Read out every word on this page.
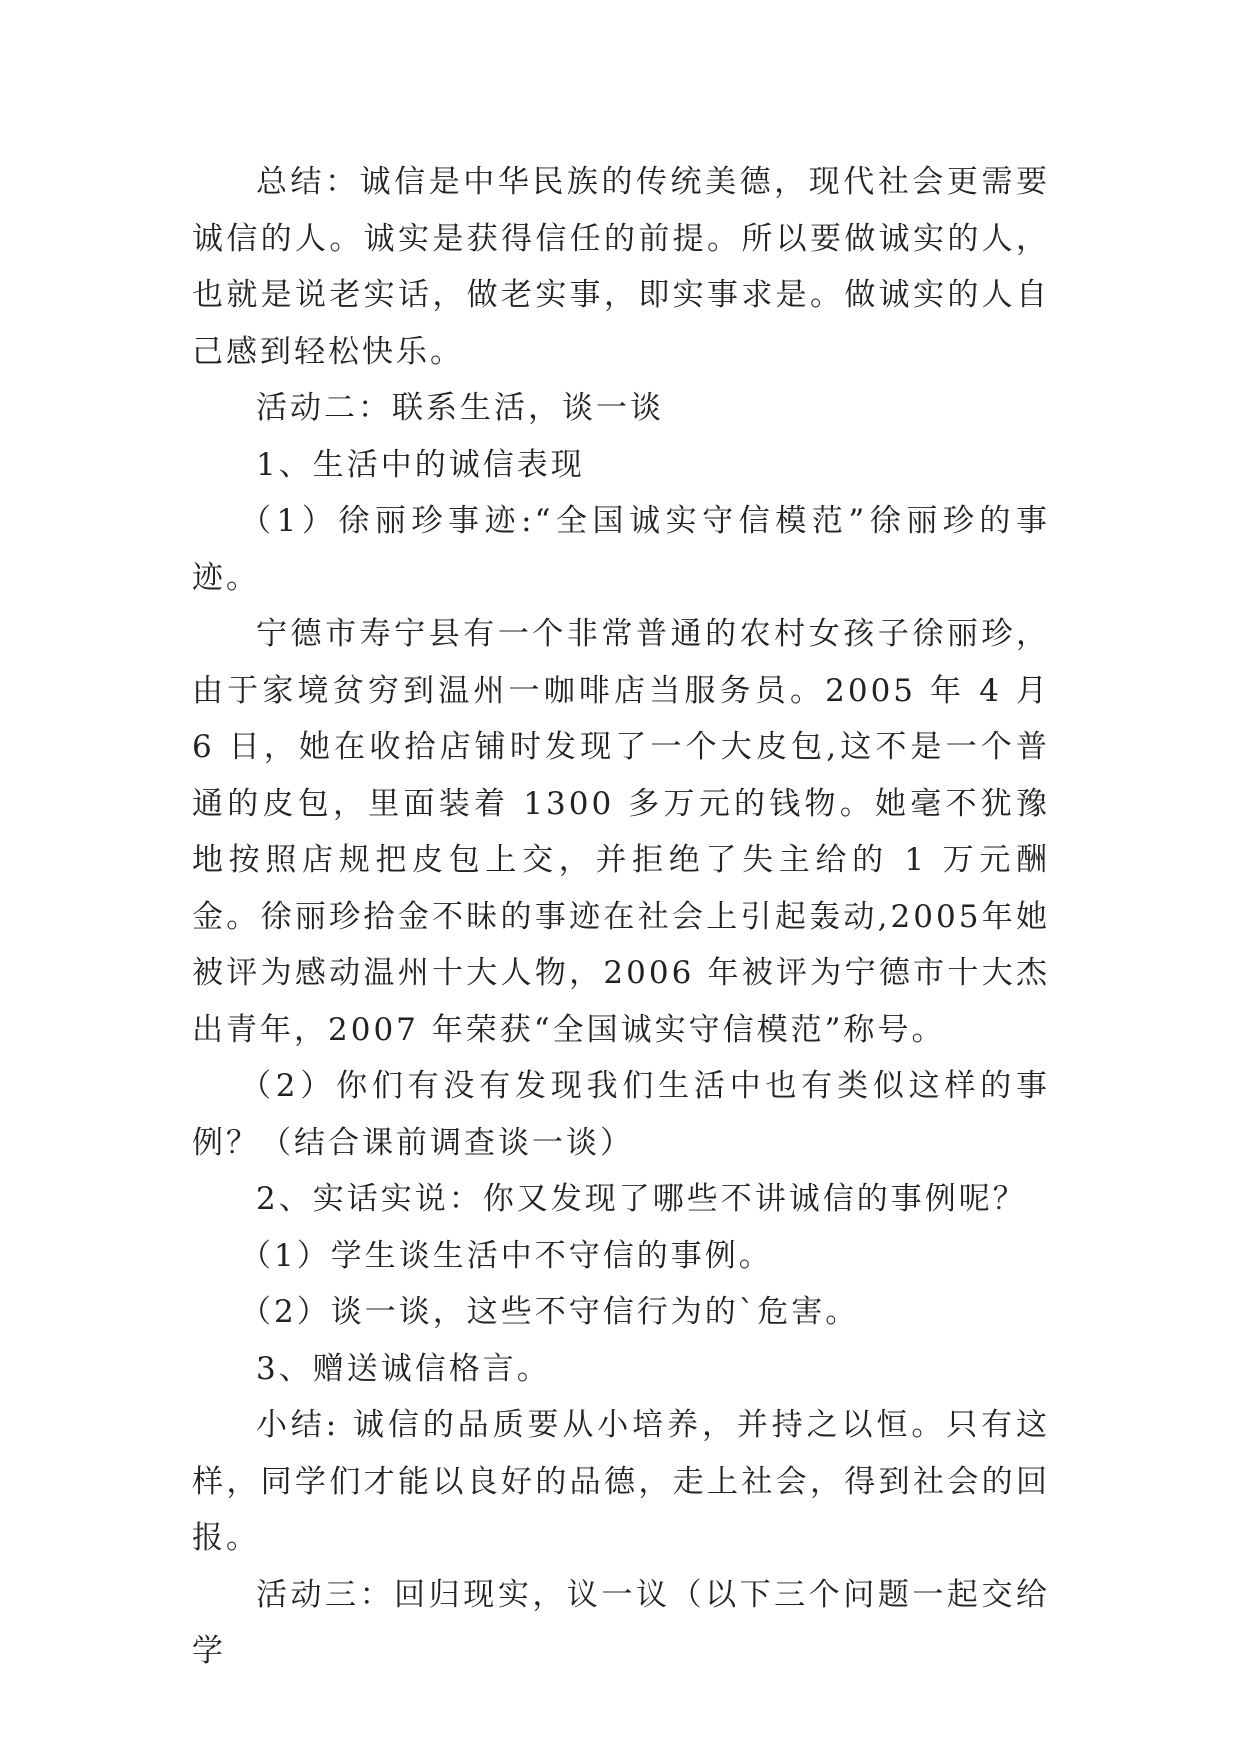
总结：诚信是中华民族的传统美德，现代社会更需要诚信的人。诚实是获得信任的前提。所以要做诚实的人，也就是说老实话，做老实事，即实事求是。做诚实的人自己感到轻松快乐。

活动二：联系生活，谈一谈

1、生活中的诚信表现

（1）徐丽珍事迹:“全国诚实守信模范”徐丽珍的事迹。

宁德市寿宁县有一个非常普通的农村女孩子徐丽珍，由于家境贫穷到温州一咖啡店当服务员。2005 年 4 月 6 日，她在收拾店铺时发现了一个大皮包,这不是一个普通的皮包，里面装着 1300 多万元的钱物。她毫不犹豫地按照店规把皮包上交，并拒绝了失主给的 1 万元酬金。徐丽珍拾金不昧的事迹在社会上引起轰动,2005年她被评为感动温州十大人物，2006 年被评为宁德市十大杰出青年，2007 年荣获“全国诚实守信模范”称号。

（2）你们有没有发现我们生活中也有类似这样的事例？（结合课前调查谈一谈）

2、实话实说：你又发现了哪些不讲诚信的事例呢？

（1）学生谈生活中不守信的事例。

（2）谈一谈，这些不守信行为的`危害。

3、赠送诚信格言。

小结: 诚信的品质要从小培养，并持之以恒。只有这样，同学们才能以良好的品德，走上社会，得到社会的回报。

活动三：回归现实，议一议（以下三个问题一起交给学
